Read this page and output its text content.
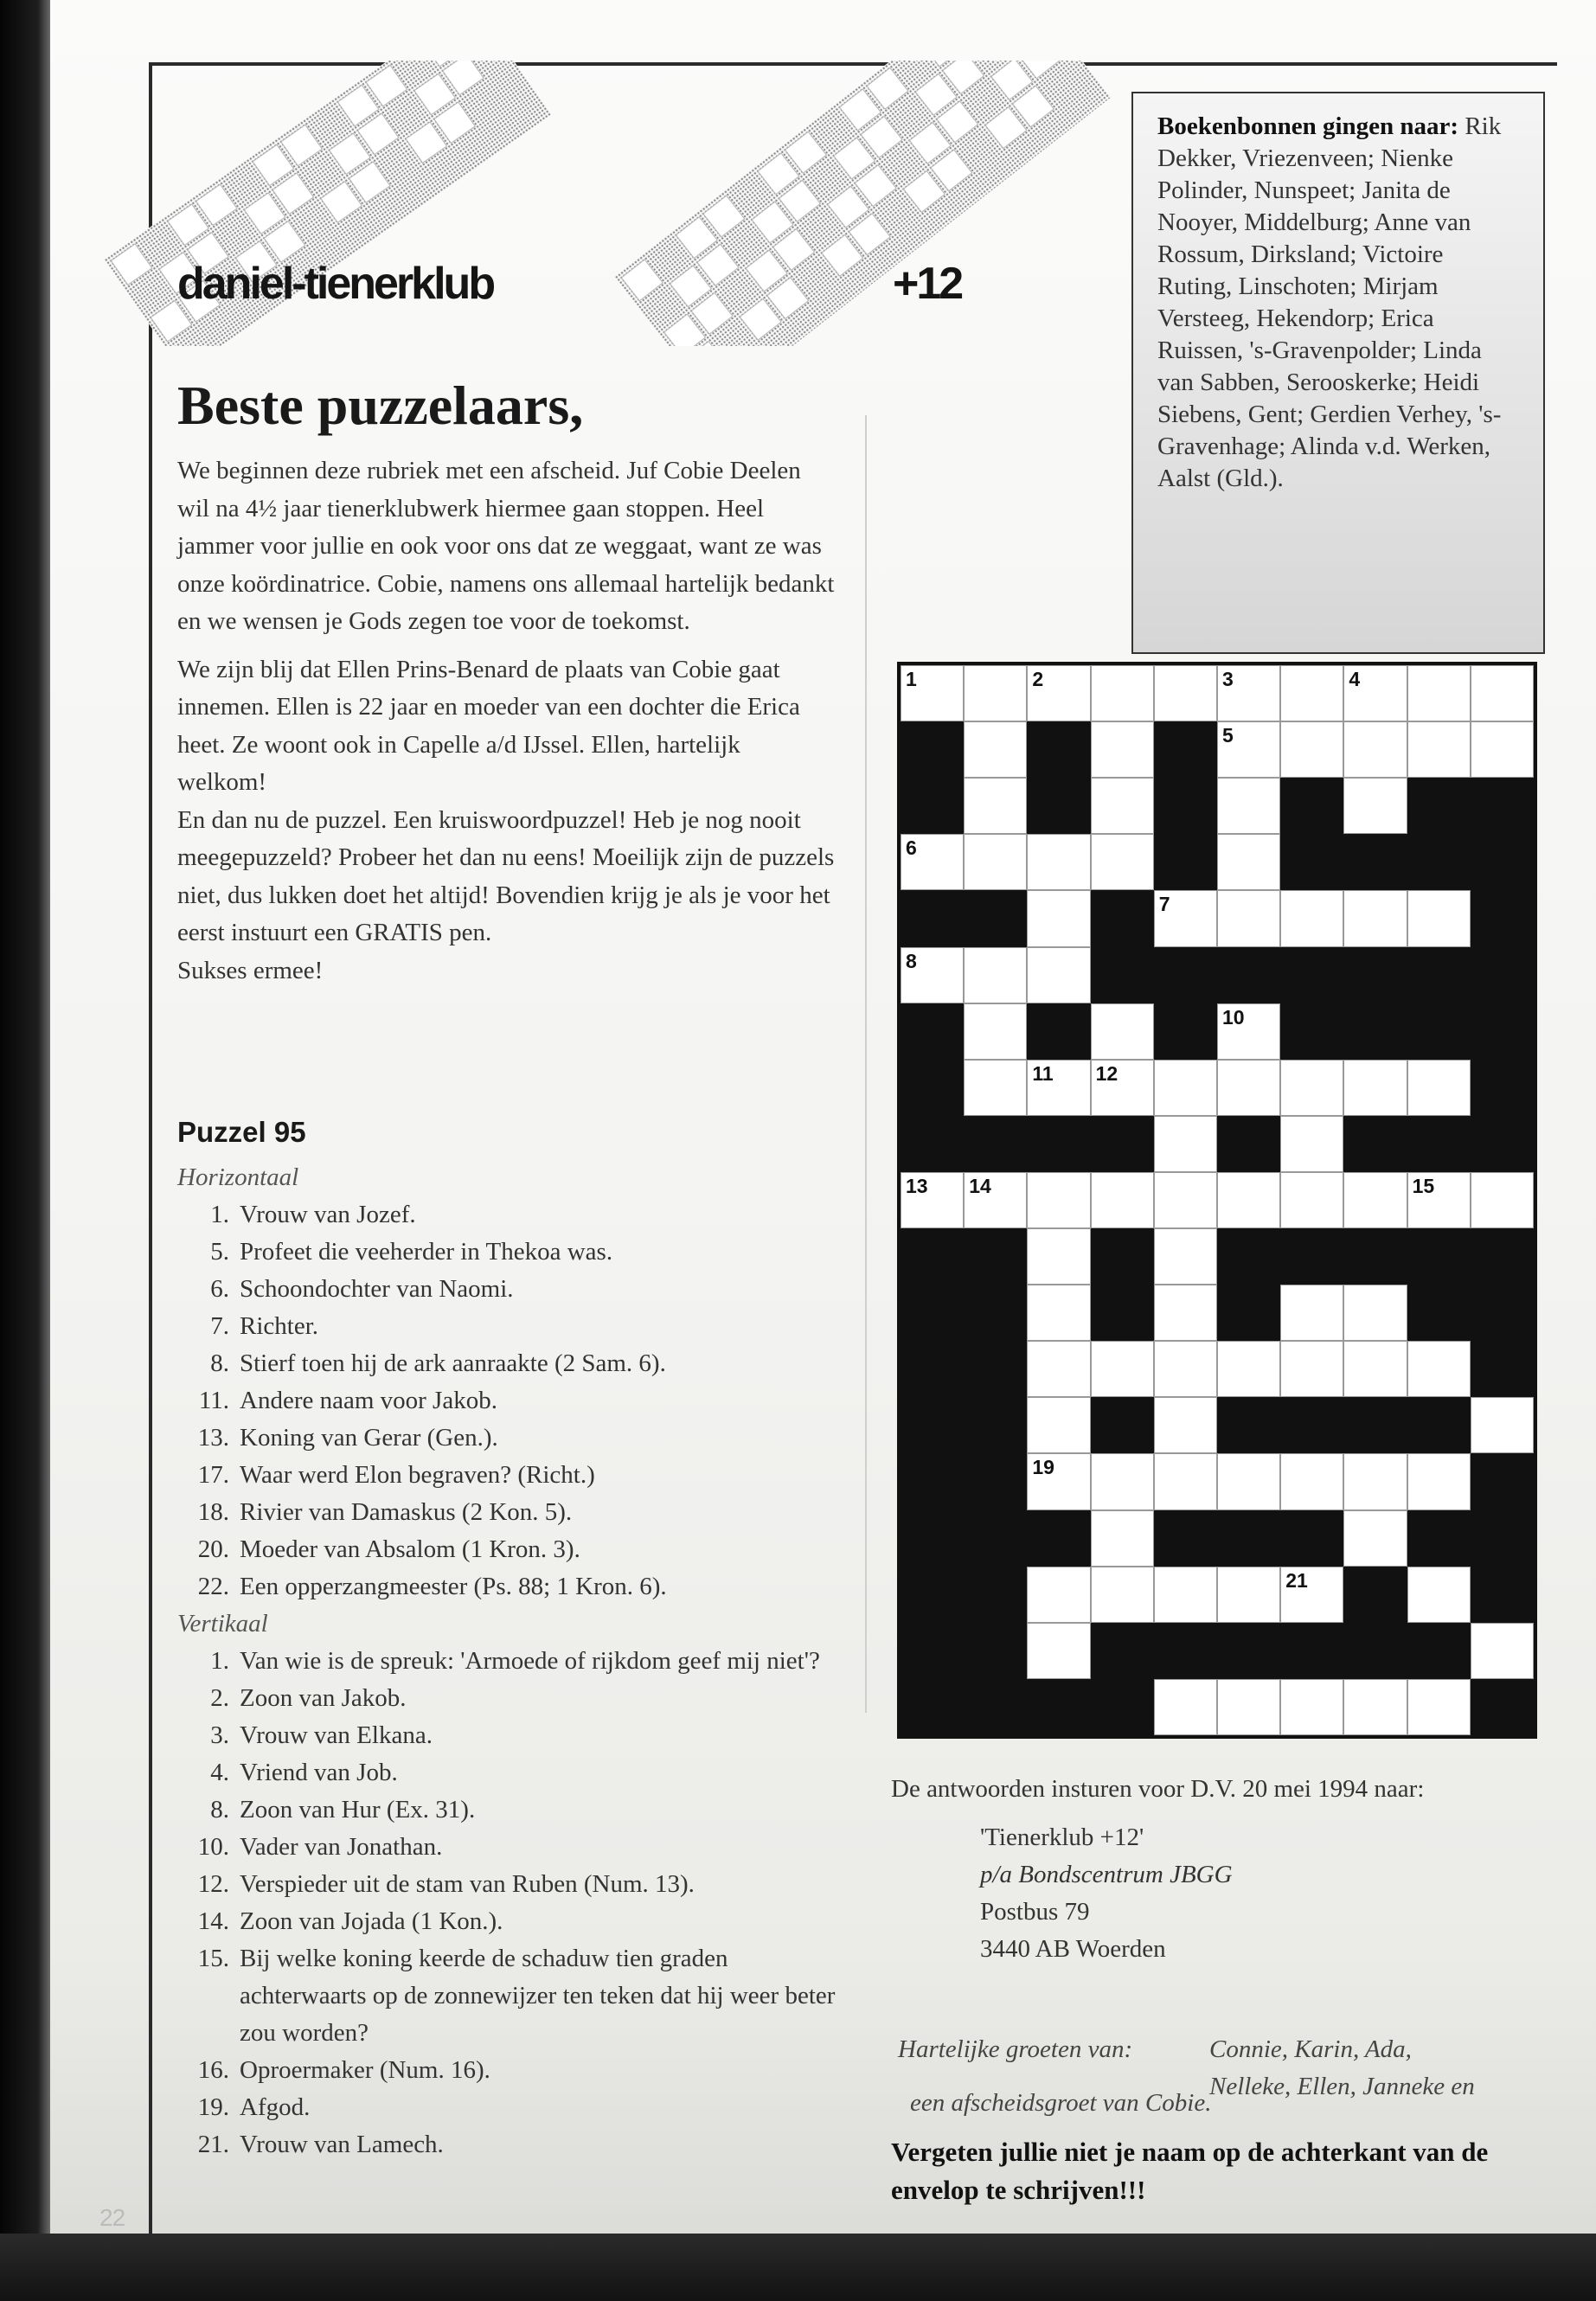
daniel-tienerklub	+12
Beste puzzelaars,

We beginnen deze rubriek met een afscheid. Juf Cobie Deelen wil na 4½ jaar tienerklubwerk hiermee gaan stoppen. Heel jammer voor jullie en ook voor ons dat ze weggaat, want ze was onze koördinatrice. Cobie, namens ons allemaal hartelijk bedankt en we wensen je Gods zegen toe voor de toekomst.

We zijn blij dat Ellen Prins-Benard de plaats van Cobie gaat innemen. Ellen is 22 jaar en moeder van een dochter die Erica heet. Ze woont ook in Capelle a/d IJssel. Ellen, hartelijk welkom!

En dan nu de puzzel. Een kruiswoordpuzzel! Heb je nog nooit meegepuzzeld? Probeer het dan nu eens! Moeilijk zijn de puzzels niet, dus lukken doet het altijd! Bovendien krijg je als je voor het eerst instuurt een GRATIS pen.

Sukses ermee!

Puzzel 95

Horizontaal

1. Vrouw van Jozef.
5. Profeet die veeherder in Thekoa was.
6. Schoondochter van Naomi.
7. Richter.
8. Stierf toen hij de ark aanraakte (2 Sam. 6).
11. Andere naam voor Jakob.
13. Koning van Gerar (Gen.).
17. Waar werd Elon begraven? (Richt.)
18. Rivier van Damaskus (2 Kon. 5).
20. Moeder van Absalom (1 Kron. 3).
22. Een opperzangmeester (Ps. 88; 1 Kron. 6).

Vertikaal

1. Van wie is de spreuk: 'Armoede of rijkdom geef mij niet'?
2. Zoon van Jakob.
3. Vrouw van Elkana.
4. Vriend van Job.
8. Zoon van Hur (Ex. 31).
10. Vader van Jonathan.
12. Verspieder uit de stam van Ruben (Num. 13).
14. Zoon van Jojada (1 Kon.).
15. Bij welke koning keerde de schaduw tien graden achterwaarts op de zonnewijzer ten teken dat hij weer beter zou worden?
16. Oproermaker (Num. 16).
19. Afgod.
21. Vrouw van Lamech.
Boekenbonnen gingen naar: Rik Dekker, Vriezenveen; Nienke Polinder, Nunspeet; Janita de Nooyer, Middelburg; Anne van Rossum, Dirksland; Victoire Ruting, Linschoten; Mirjam Versteeg, Hekendorp; Erica Ruissen, 's-Gravenpolder; Linda van Sabben, Serooskerke; Heidi Siebens, Gent; Gerdien Verhey, 's-Gravenhage; Alinda v.d. Werken, Aalst (Gld.).
1	2	3	4
5
6
7
8
10
11 12
13 14	15
19
21
De antwoorden insturen voor D.V. 20 mei 1994 naar:
'Tienerklub +12'
p/a Bondscentrum JBGG
Postbus 79
3440 AB Woerden
Hartelijke groeten van:	Connie, Karin, Ada,
Nelleke, Ellen, Janneke en
een afscheidsgroet van Cobie.
Vergeten jullie niet je naam op de achterkant van de envelop te schrijven!!!
22
